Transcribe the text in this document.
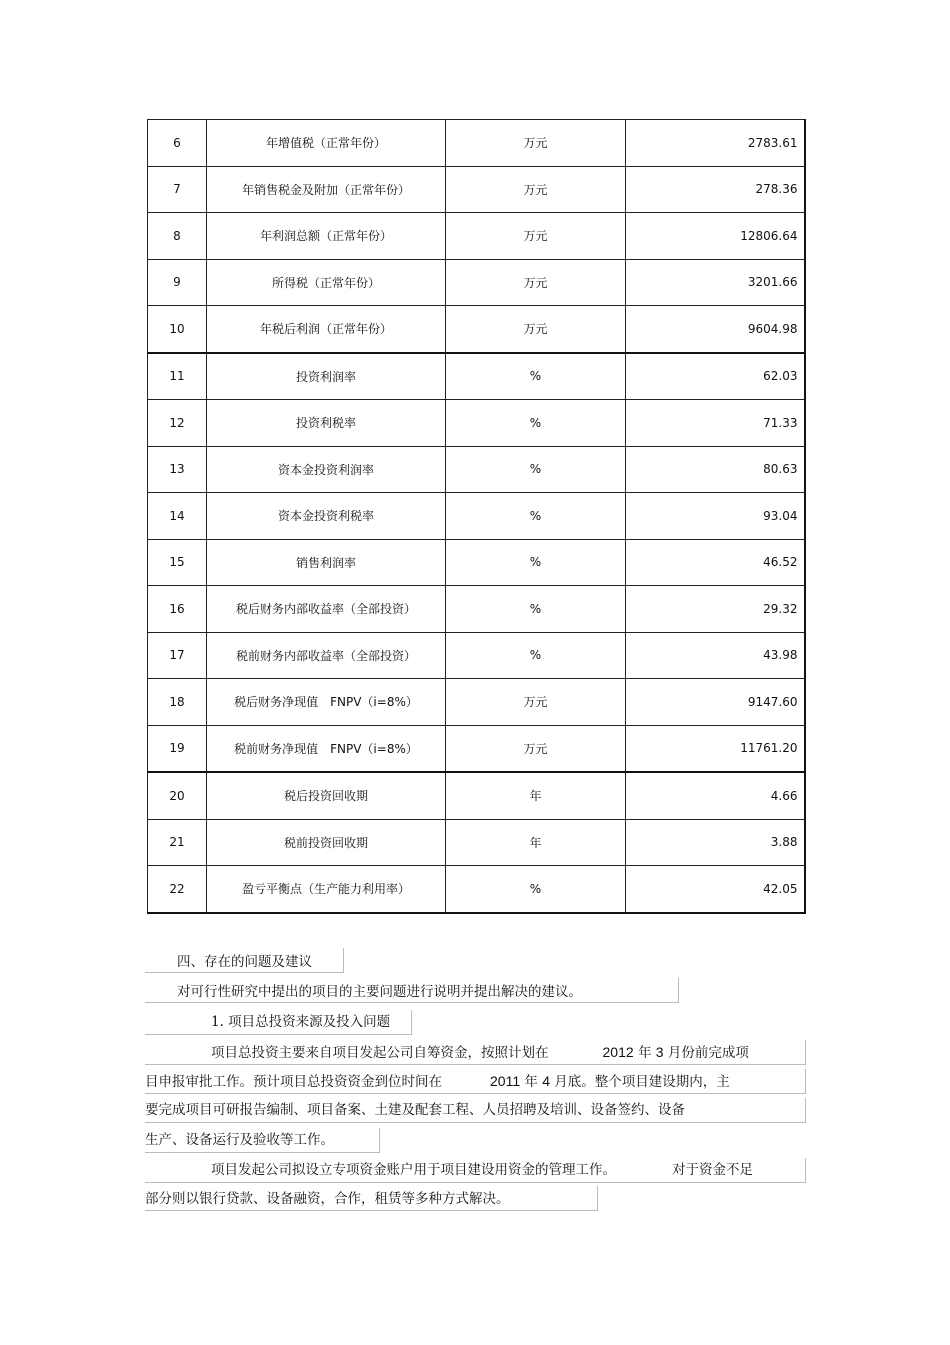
6	年增值税（正常年份）	万元	2783.61
7	年销售税金及附加（正常年份）	万元	278.36
8	年利润总额（正常年份）	万元	12806.64
9	所得税（正常年份）	万元	3201.66
10	年税后利润（正常年份）	万元	9604.98
11	投资利润率	%	62.03
12	投资利税率	%	71.33
13	资本金投资利润率	%	80.63
14	资本金投资利税率	%	93.04
15	销售利润率	%	46.52
16	税后财务内部收益率（全部投资）	%	29.32
17	税前财务内部收益率（全部投资）	%	43.98
18	税后财务净现值　FNPV（i=8%）	万元	9147.60
19	税前财务净现值　FNPV（i=8%）	万元	11761.20
20	税后投资回收期	年	4.66
21	税前投资回收期	年	3.88
22	盈亏平衡点（生产能力利用率）	%	42.05
四、存在的问题及建议
对可行性研究中提出的项目的主要问题进行说明并提出解决的建议。
1. 项目总投资来源及投入问题
项目总投资主要来自项目发起公司自筹资金，按照计划在	2012 年 3 月份前完成项
目申报审批工作。预计项目总投资资金到位时间在	2011 年 4 月底。整个项目建设期内，主
要完成项目可研报告编制、项目备案、土建及配套工程、人员招聘及培训、设备签约、设备
生产、设备运行及验收等工作。
项目发起公司拟设立专项资金账户用于项目建设用资金的管理工作。	对于资金不足
部分则以银行贷款、设备融资，合作，租赁等多种方式解决。
